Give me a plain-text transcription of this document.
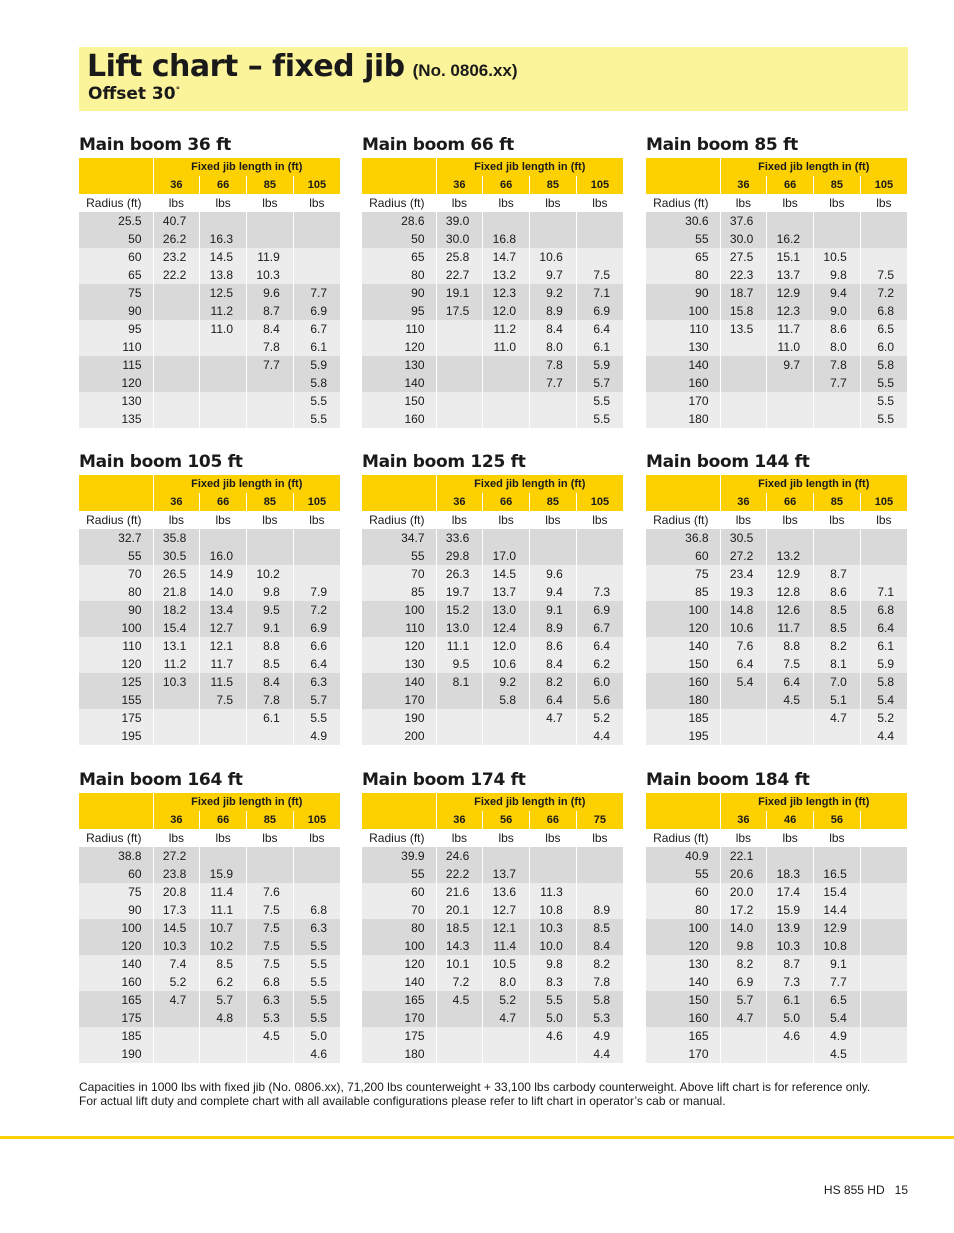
Lift chart – fixed jib (No. 0806.xx)
Offset 30°
Main boom 36 ft
	Fixed jib length in (ft)			
	36	66	85	105
Radius (ft)	lbs	lbs	lbs	lbs
25.5	40.7			
50	26.2	16.3		
60	23.2	14.5	11.9	
65	22.2	13.8	10.3	
75		12.5	9.6	7.7
90		11.2	8.7	6.9
95		11.0	8.4	6.7
110			7.8	6.1
115			7.7	5.9
120				5.8
130				5.5
135				5.5
Main boom 66 ft
	Fixed jib length in (ft)			
	36	66	85	105
Radius (ft)	lbs	lbs	lbs	lbs
28.6	39.0			
50	30.0	16.8		
65	25.8	14.7	10.6	
80	22.7	13.2	9.7	7.5
90	19.1	12.3	9.2	7.1
95	17.5	12.0	8.9	6.9
110		11.2	8.4	6.4
120		11.0	8.0	6.1
130			7.8	5.9
140			7.7	5.7
150				5.5
160				5.5
Main boom 85 ft
	Fixed jib length in (ft)			
	36	66	85	105
Radius (ft)	lbs	lbs	lbs	lbs
30.6	37.6			
55	30.0	16.2		
65	27.5	15.1	10.5	
80	22.3	13.7	9.8	7.5
90	18.7	12.9	9.4	7.2
100	15.8	12.3	9.0	6.8
110	13.5	11.7	8.6	6.5
130		11.0	8.0	6.0
140		9.7	7.8	5.8
160			7.7	5.5
170				5.5
180				5.5
Main boom 105 ft
	Fixed jib length in (ft)			
	36	66	85	105
Radius (ft)	lbs	lbs	lbs	lbs
32.7	35.8			
55	30.5	16.0		
70	26.5	14.9	10.2	
80	21.8	14.0	9.8	7.9
90	18.2	13.4	9.5	7.2
100	15.4	12.7	9.1	6.9
110	13.1	12.1	8.8	6.6
120	11.2	11.7	8.5	6.4
125	10.3	11.5	8.4	6.3
155		7.5	7.8	5.7
175			6.1	5.5
195				4.9
Main boom 125 ft
	Fixed jib length in (ft)			
	36	66	85	105
Radius (ft)	lbs	lbs	lbs	lbs
34.7	33.6			
55	29.8	17.0		
70	26.3	14.5	9.6	
85	19.7	13.7	9.4	7.3
100	15.2	13.0	9.1	6.9
110	13.0	12.4	8.9	6.7
120	11.1	12.0	8.6	6.4
130	9.5	10.6	8.4	6.2
140	8.1	9.2	8.2	6.0
170		5.8	6.4	5.6
190			4.7	5.2
200				4.4
Main boom 144 ft
	Fixed jib length in (ft)			
	36	66	85	105
Radius (ft)	lbs	lbs	lbs	lbs
36.8	30.5			
60	27.2	13.2		
75	23.4	12.9	8.7	
85	19.3	12.8	8.6	7.1
100	14.8	12.6	8.5	6.8
120	10.6	11.7	8.5	6.4
140	7.6	8.8	8.2	6.1
150	6.4	7.5	8.1	5.9
160	5.4	6.4	7.0	5.8
180		4.5	5.1	5.4
185			4.7	5.2
195				4.4
Main boom 164 ft
	Fixed jib length in (ft)			
	36	66	85	105
Radius (ft)	lbs	lbs	lbs	lbs
38.8	27.2			
60	23.8	15.9		
75	20.8	11.4	7.6	
90	17.3	11.1	7.5	6.8
100	14.5	10.7	7.5	6.3
120	10.3	10.2	7.5	5.5
140	7.4	8.5	7.5	5.5
160	5.2	6.2	6.8	5.5
165	4.7	5.7	6.3	5.5
175		4.8	5.3	5.5
185			4.5	5.0
190				4.6
Main boom 174 ft
	Fixed jib length in (ft)			
	36	56	66	75
Radius (ft)	lbs	lbs	lbs	lbs
39.9	24.6			
55	22.2	13.7		
60	21.6	13.6	11.3	
70	20.1	12.7	10.8	8.9
80	18.5	12.1	10.3	8.5
100	14.3	11.4	10.0	8.4
120	10.1	10.5	9.8	8.2
140	7.2	8.0	8.3	7.8
165	4.5	5.2	5.5	5.8
170		4.7	5.0	5.3
175			4.6	4.9
180				4.4
Main boom 184 ft
	Fixed jib length in (ft)			
	36	46	56	
Radius (ft)	lbs	lbs	lbs	
40.9	22.1			
55	20.6	18.3	16.5	
60	20.0	17.4	15.4	
80	17.2	15.9	14.4	
100	14.0	13.9	12.9	
120	9.8	10.3	10.8	
130	8.2	8.7	9.1	
140	6.9	7.3	7.7	
150	5.7	6.1	6.5	
160	4.7	5.0	5.4	
165		4.6	4.9	
170			4.5	
Capacities in 1000 lbs with fixed jib (No. 0806.xx), 71,200 lbs counterweight + 33,100 lbs carbody counterweight. Above lift chart is for reference only.
For actual lift duty and complete chart with all available configurations please refer to lift chart in operator’s cab or manual.
HS 855 HD 15
